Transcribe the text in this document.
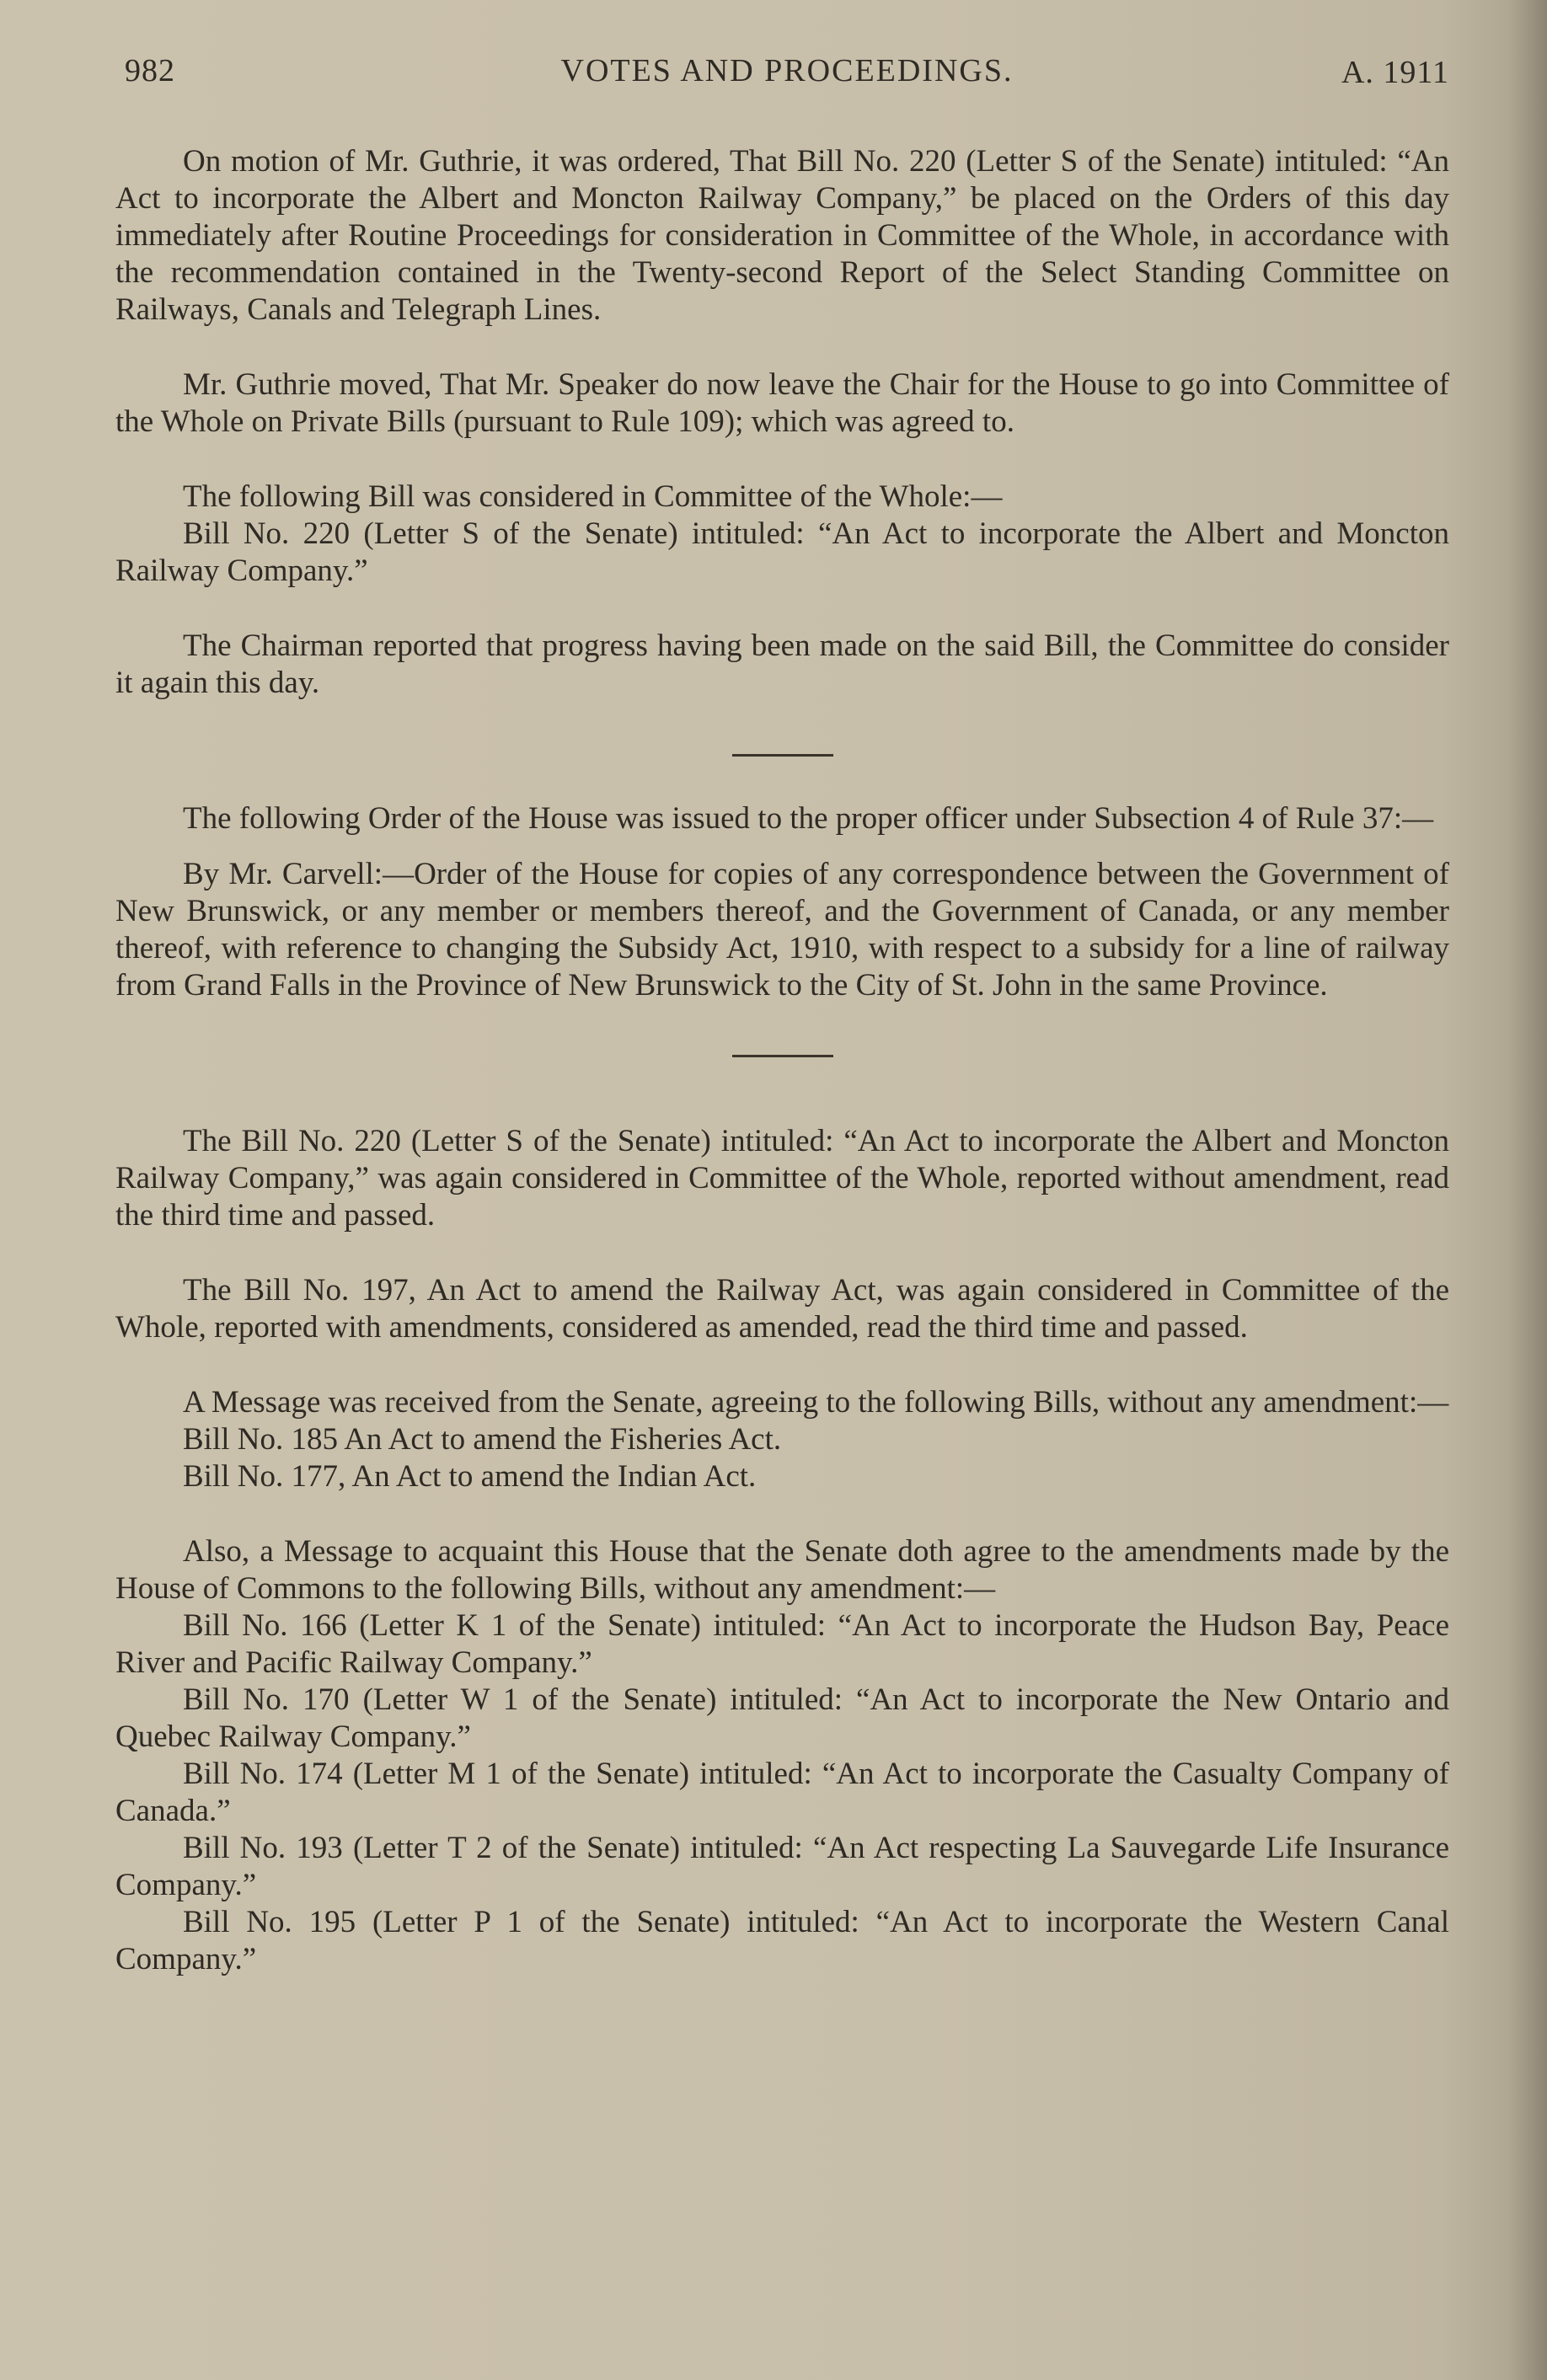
982	VOTES AND PROCEEDINGS.	A. 1911

On motion of Mr. Guthrie, it was ordered, That Bill No. 220 (Letter S of the Senate) intituled: “An Act to incorporate the Albert and Moncton Railway Company,” be placed on the Orders of this day immediately after Routine Proceedings for consideration in Committee of the Whole, in accordance with the recommendation contained in the Twenty-second Report of the Select Standing Committee on Railways, Canals and Telegraph Lines.

Mr. Guthrie moved, That Mr. Speaker do now leave the Chair for the House to go into Committee of the Whole on Private Bills (pursuant to Rule 109); which was agreed to.

The following Bill was considered in Committee of the Whole:—

Bill No. 220 (Letter S of the Senate) intituled: “An Act to incorporate the Albert and Moncton Railway Company.”

The Chairman reported that progress having been made on the said Bill, the Committee do consider it again this day.

The following Order of the House was issued to the proper officer under Subsection 4 of Rule 37:—

By Mr. Carvell:—Order of the House for copies of any correspondence between the Government of New Brunswick, or any member or members thereof, and the Government of Canada, or any member thereof, with reference to changing the Subsidy Act, 1910, with respect to a subsidy for a line of railway from Grand Falls in the Province of New Brunswick to the City of St. John in the same Province.

The Bill No. 220 (Letter S of the Senate) intituled: “An Act to incorporate the Albert and Moncton Railway Company,” was again considered in Committee of the Whole, reported without amendment, read the third time and passed.

The Bill No. 197, An Act to amend the Railway Act, was again considered in Committee of the Whole, reported with amendments, considered as amended, read the third time and passed.

A Message was received from the Senate, agreeing to the following Bills, without any amendment:—

Bill No. 185 An Act to amend the Fisheries Act.

Bill No. 177, An Act to amend the Indian Act.

Also, a Message to acquaint this House that the Senate doth agree to the amendments made by the House of Commons to the following Bills, without any amendment:—

Bill No. 166 (Letter K 1 of the Senate) intituled: “An Act to incorporate the Hudson Bay, Peace River and Pacific Railway Company.”

Bill No. 170 (Letter W 1 of the Senate) intituled: “An Act to incorporate the New Ontario and Quebec Railway Company.”

Bill No. 174 (Letter M 1 of the Senate) intituled: “An Act to incorporate the Casualty Company of Canada.”

Bill No. 193 (Letter T 2 of the Senate) intituled: “An Act respecting La Sauvegarde Life Insurance Company.”

Bill No. 195 (Letter P 1 of the Senate) intituled: “An Act to incorporate the Western Canal Company.”
